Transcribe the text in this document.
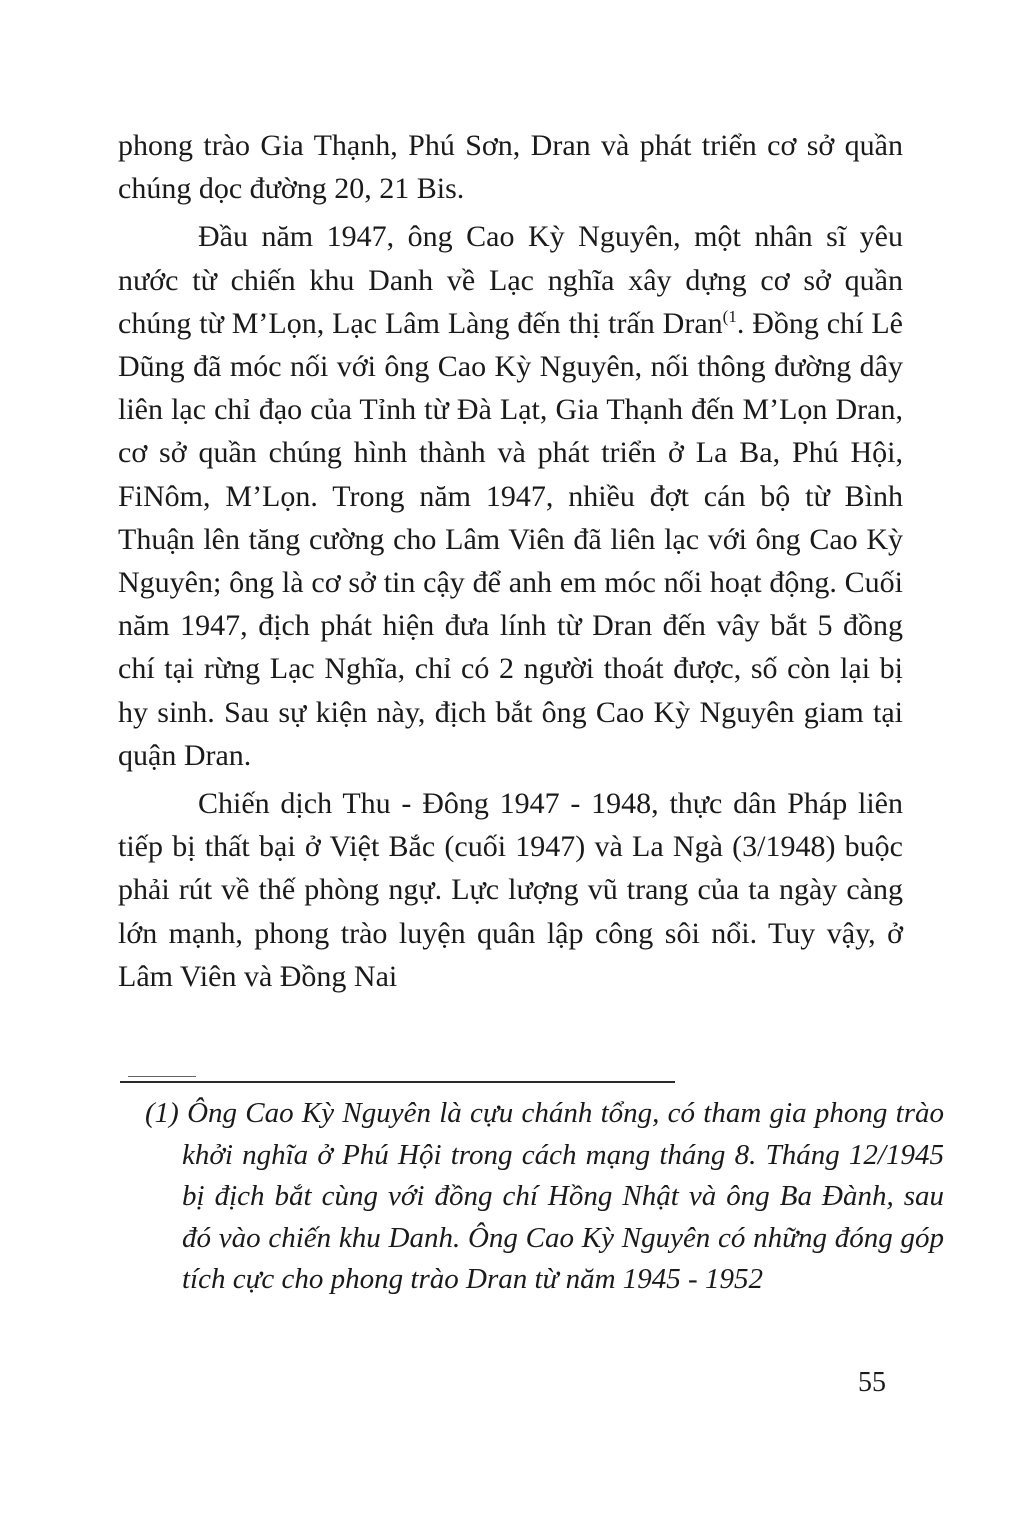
phong trào Gia Thạnh, Phú Sơn, Dran và phát triển cơ sở quần chúng dọc đường 20, 21 Bis.

Đầu năm 1947, ông Cao Kỳ Nguyên, một nhân sĩ yêu nước từ chiến khu Danh về Lạc nghĩa xây dựng cơ sở quần chúng từ M’Lọn, Lạc Lâm Làng đến thị trấn Dran$^{(1}$. Đồng chí Lê Dũng đã móc nối với ông Cao Kỳ Nguyên, nối thông đường dây liên lạc chỉ đạo của Tỉnh từ Đà Lạt, Gia Thạnh đến M’Lọn Dran, cơ sở quần chúng hình thành và phát triển ở La Ba, Phú Hội, FiNôm, M’Lọn. Trong năm 1947, nhiều đợt cán bộ từ Bình Thuận lên tăng cường cho Lâm Viên đã liên lạc với ông Cao Kỳ Nguyên; ông là cơ sở tin cậy để anh em móc nối hoạt động. Cuối năm 1947, địch phát hiện đưa lính từ Dran đến vây bắt 5 đồng chí tại rừng Lạc Nghĩa, chỉ có 2 người thoát được, số còn lại bị hy sinh. Sau sự kiện này, địch bắt ông Cao Kỳ Nguyên giam tại quận Dran.

Chiến dịch Thu - Đông 1947 - 1948, thực dân Pháp liên tiếp bị thất bại ở Việt Bắc (cuối 1947) và La Ngà (3/1948) buộc phải rút về thế phòng ngự. Lực lượng vũ trang của ta ngày càng lớn mạnh, phong trào luyện quân lập công sôi nổi. Tuy vậy, ở Lâm Viên và Đồng Nai

(1) Ông Cao Kỳ Nguyên là cựu chánh tổng, có tham gia phong trào khởi nghĩa ở Phú Hội trong cách mạng tháng 8. Tháng 12/1945 bị địch bắt cùng với đồng chí Hồng Nhật và ông Ba Đành, sau đó vào chiến khu Danh. Ông Cao Kỳ Nguyên có những đóng góp tích cực cho phong trào Dran từ năm 1945 - 1952

55
